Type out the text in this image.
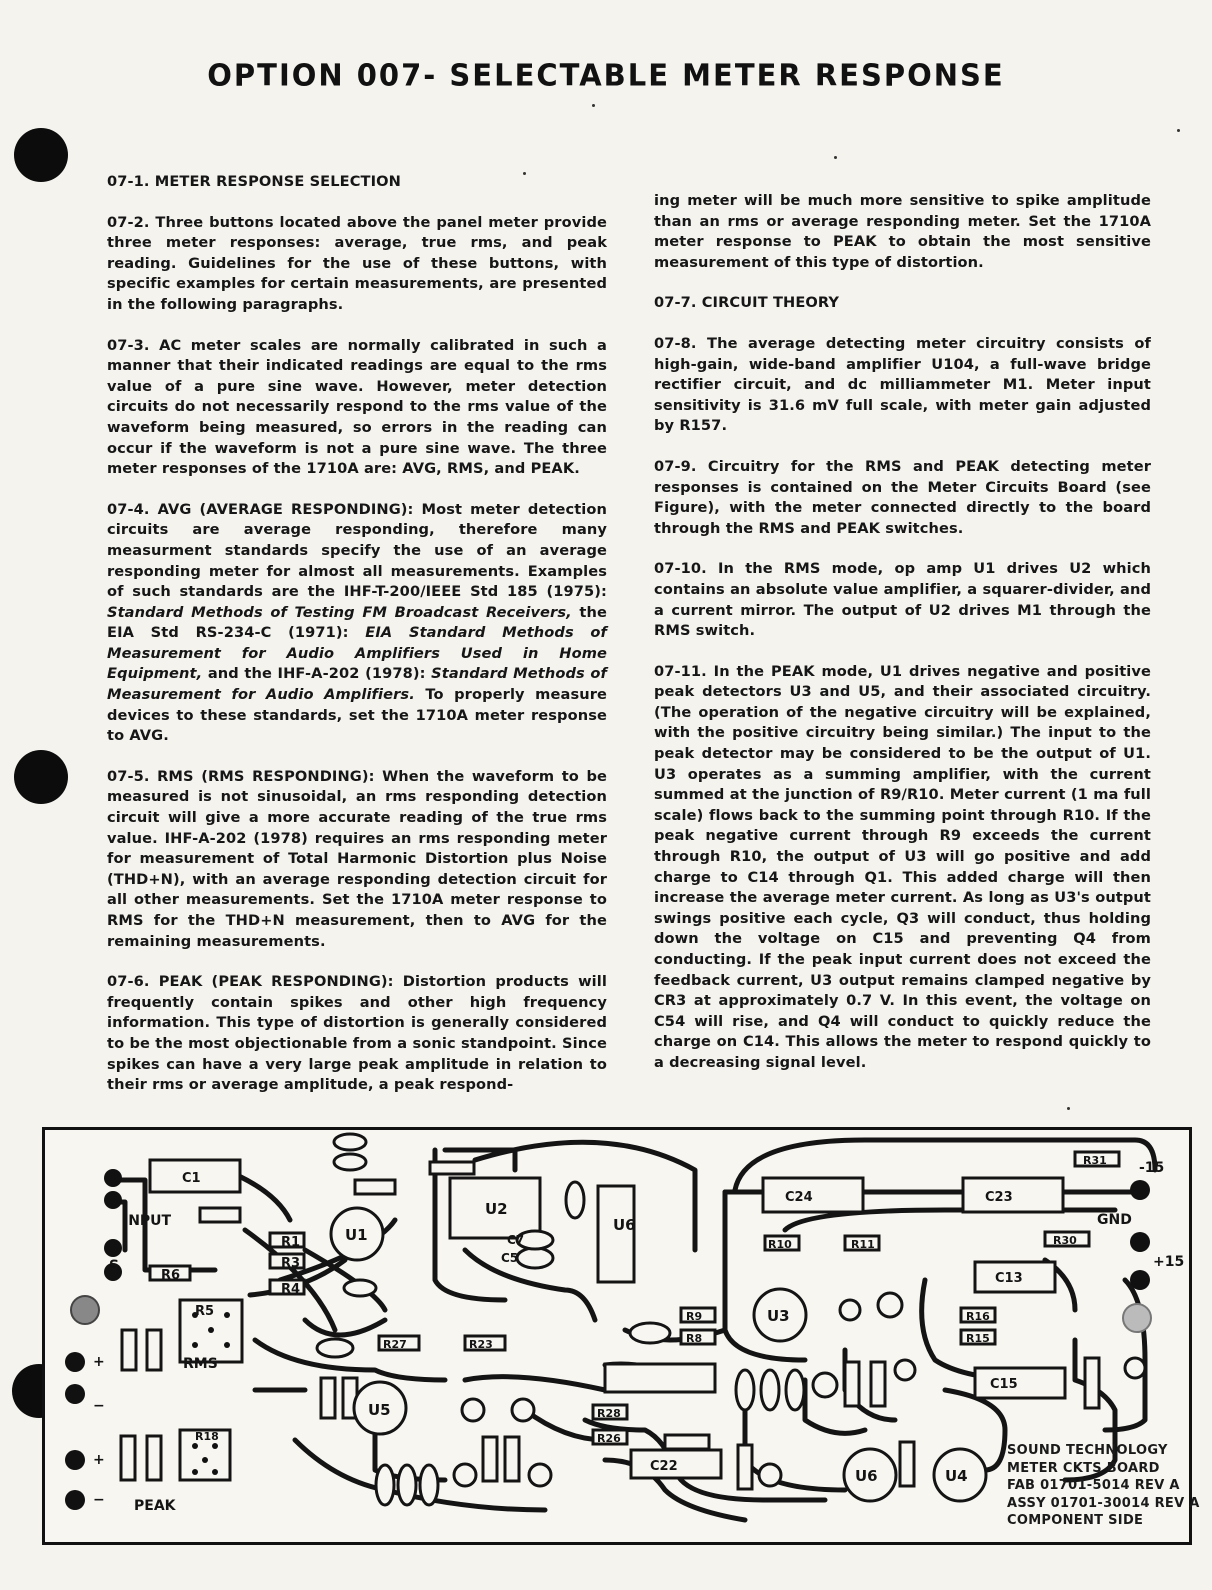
OPTION 007- SELECTABLE METER RESPONSE
07-1. METER RESPONSE SELECTION

07-2. Three buttons located above the panel meter provide three meter responses: average, true rms, and peak reading. Guidelines for the use of these buttons, with specific examples for certain measurements, are presented in the following paragraphs.

07-3. AC meter scales are normally calibrated in such a manner that their indicated readings are equal to the rms value of a pure sine wave. However, meter detection circuits do not necessarily respond to the rms value of the waveform being measured, so errors in the reading can occur if the waveform is not a pure sine wave. The three meter responses of the 1710A are: AVG, RMS, and PEAK.

07-4. AVG (AVERAGE RESPONDING): Most meter detection circuits are average responding, therefore many measurment standards specify the use of an average responding meter for almost all measurements. Examples of such standards are the IHF-T-200/IEEE Std 185 (1975): Standard Methods of Testing FM Broadcast Receivers, the EIA Std RS-234-C (1971): EIA Standard Methods of Measurement for Audio Amplifiers Used in Home Equipment, and the IHF-A-202 (1978): Standard Methods of Measurement for Audio Amplifiers. To properly measure devices to these standards, set the 1710A meter response to AVG.

07-5. RMS (RMS RESPONDING): When the waveform to be measured is not sinusoidal, an rms responding detection circuit will give a more accurate reading of the true rms value. IHF-A-202 (1978) requires an rms responding meter for measurement of Total Harmonic Distortion plus Noise (THD+N), with an average responding detection circuit for all other measurements. Set the 1710A meter response to RMS for the THD+N measurement, then to AVG for the remaining measurements.

07-6. PEAK (PEAK RESPONDING): Distortion products will frequently contain spikes and other high frequency information. This type of distortion is generally considered to be the most objectionable from a sonic standpoint. Since spikes can have a very large peak amplitude in relation to their rms or average amplitude, a peak respond-

ing meter will be much more sensitive to spike amplitude than an rms or average responding meter. Set the 1710A meter response to PEAK to obtain the most sensitive measurement of this type of distortion.

07-7. CIRCUIT THEORY

07-8. The average detecting meter circuitry consists of high-gain, wide-band amplifier U104, a full-wave bridge rectifier circuit, and dc milliammeter M1. Meter input sensitivity is 31.6 mV full scale, with meter gain adjusted by R157.

07-9. Circuitry for the RMS and PEAK detecting meter responses is contained on the Meter Circuits Board (see Figure), with the meter connected directly to the board through the RMS and PEAK switches.

07-10. In the RMS mode, op amp U1 drives U2 which contains an absolute value amplifier, a squarer-divider, and a current mirror. The output of U2 drives M1 through the RMS switch.

07-11. In the PEAK mode, U1 drives negative and positive peak detectors U3 and U5, and their associated circuitry. (The operation of the negative circuitry will be explained, with the positive circuitry being similar.) The input to the peak detector may be considered to be the output of U1. U3 operates as a summing amplifier, with the current summed at the junction of R9/R10. Meter current (1 ma full scale) flows back to the summing point through R10. If the peak negative current through R9 exceeds the current through R10, the output of U3 will go positive and add charge to C14 through Q1. This added charge will then increase the average meter current. As long as U3's output swings positive each cycle, Q3 will conduct, thus holding down the voltage on C15 and preventing Q4 from conducting. If the peak input current does not exceed the feedback current, U3 output remains clamped negative by CR3 at approximately 0.7 V. In this event, the voltage on C54 will rise, and Q4 will conduct to quickly reduce the charge on C14. This allows the meter to respond quickly to a decreasing signal level.

C1
R1
R3
R4
R6
R5
U2
U1
C24	C23
R31
R30
R10	R11
C13
R9
R8
R16
R15
U3
C15
R27	R23
U5
C22
U6	U4
R28
R26
R18
U6
C5
C7
INPUT
S
RMS
PEAK
GND
-15
+15
+
−
+
−
SOUND TECHNOLOGY
METER CKTS BOARD
FAB 01701-5014 REV A
ASSY 01701-30014 REV A
COMPONENT SIDE
